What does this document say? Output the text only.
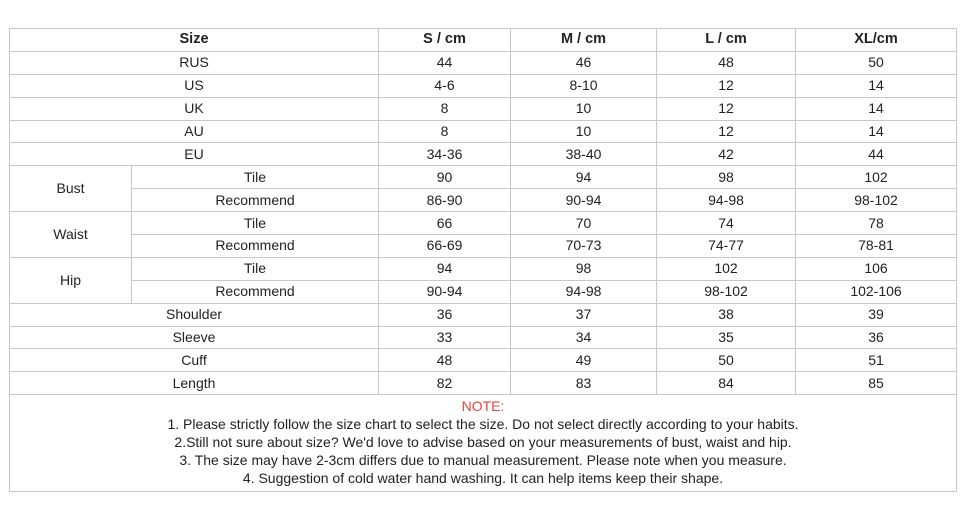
Size		S / cm	M / cm	L / cm	XL/cm
RUS		44	46	48	50
US		4-6	8-10	12	14
UK		8	10	12	14
AU		8	10	12	14
EU		34-36	38-40	42	44
Bust	Tile	90	94	98	102
	Recommend	86-90	90-94	94-98	98-102
Waist	Tile	66	70	74	78
	Recommend	66-69	70-73	74-77	78-81
Hip	Tile	94	98	102	106
	Recommend	90-94	94-98	98-102	102-106
Shoulder		36	37	38	39
Sleeve		33	34	35	36
Cuff		48	49	50	51
Length		82	83	84	85

NOTE:
1. Please strictly follow the size chart to select the size. Do not select directly according to your habits.
2.Still not sure about size? We'd love to advise based on your measurements of bust, waist and hip.
3. The size may have 2-3cm differs due to manual measurement. Please note when you measure.
4. Suggestion of cold water hand washing. It can help items keep their shape.					
